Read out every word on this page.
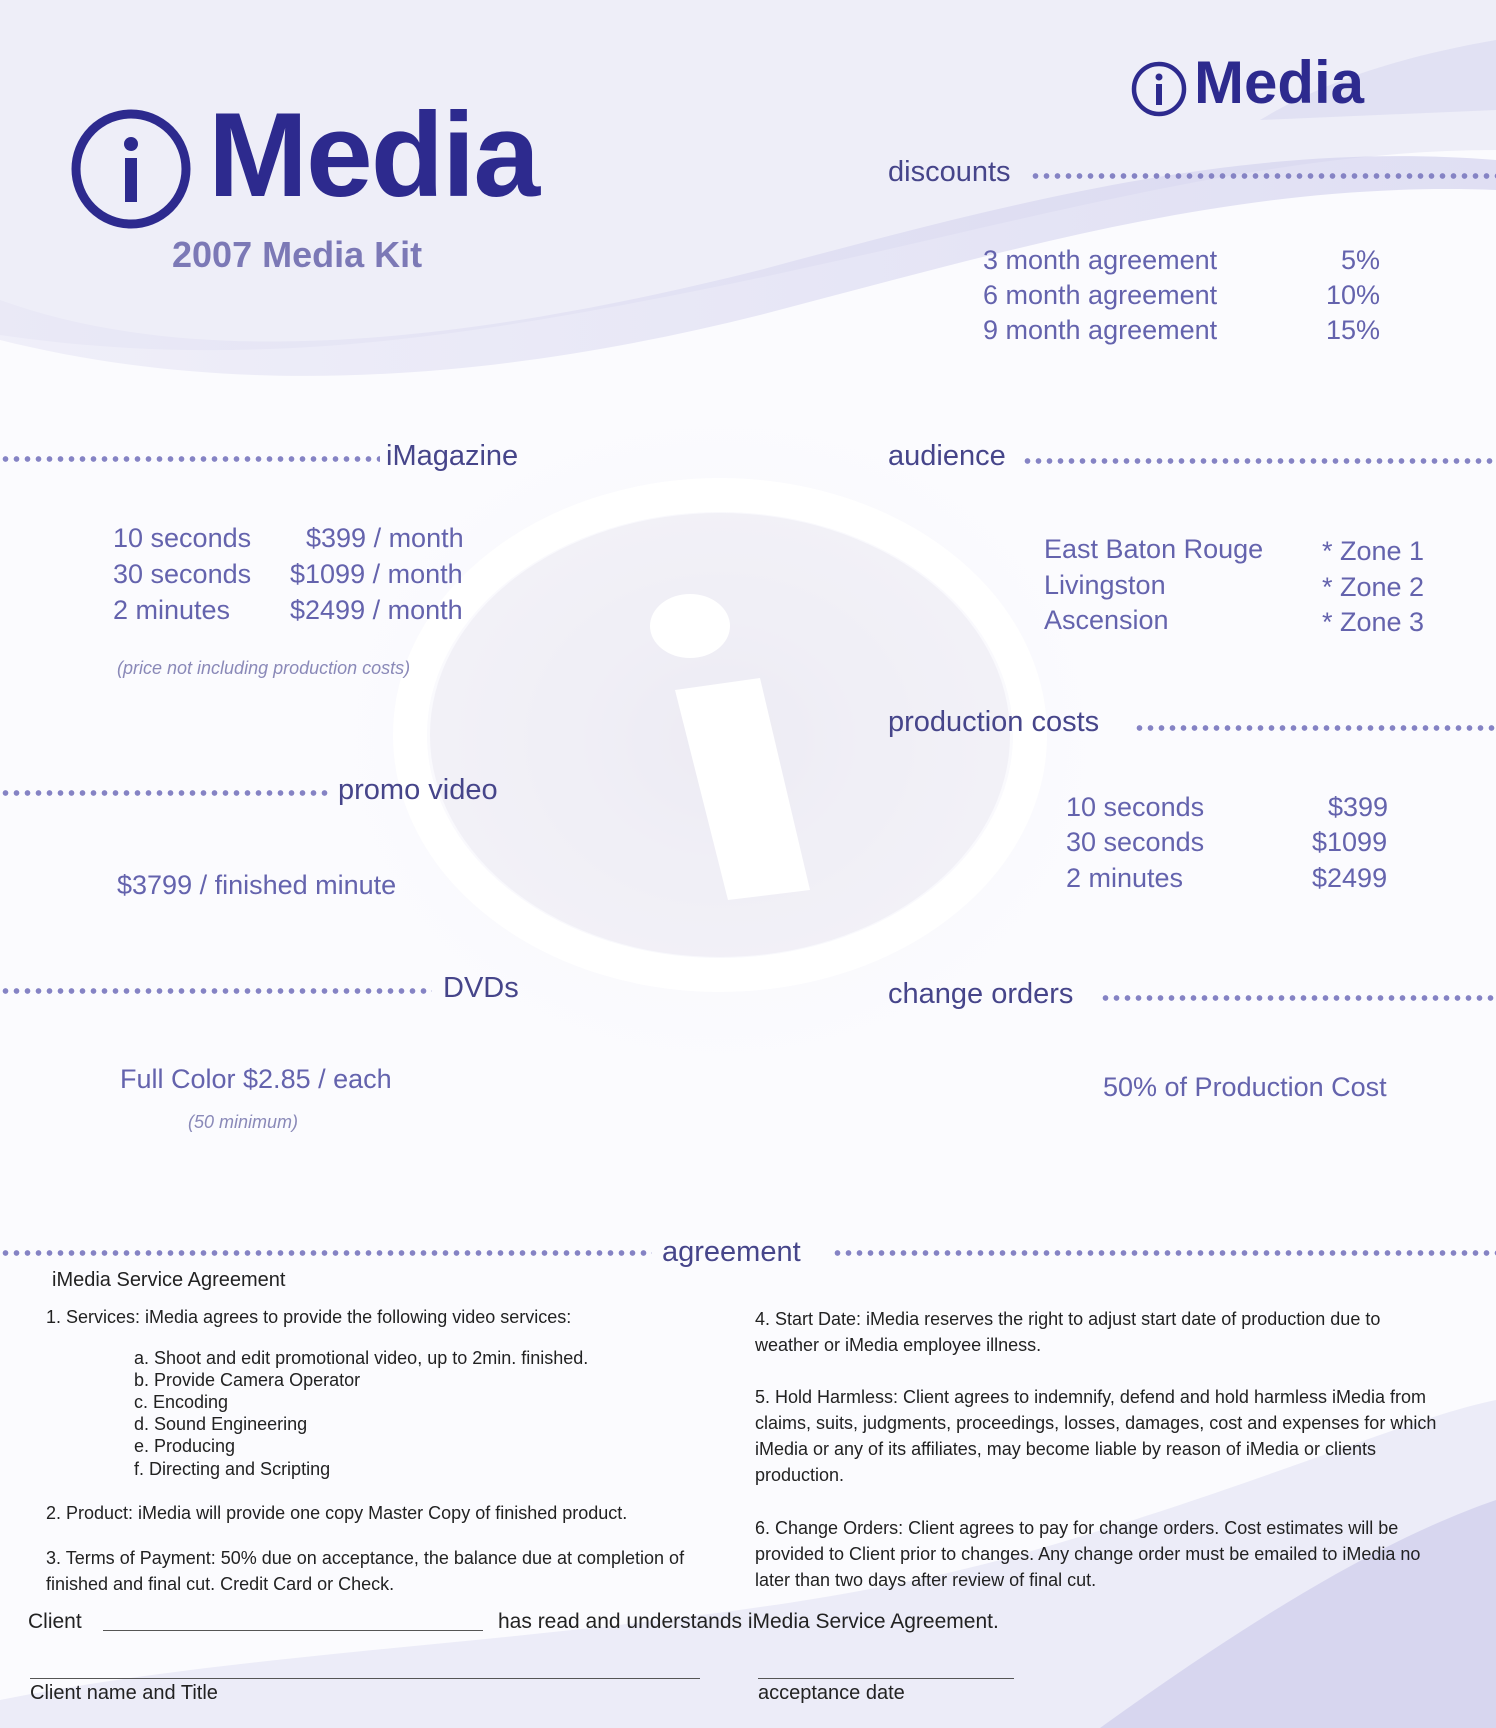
Media
2007 Media Kit
Media
discounts
3 month agreement	5%
6 month agreement	10%
9 month agreement	15%
iMagazine
10 seconds $399 / month
30 seconds $1099 / month
2 minutes $2499 / month
(price not including production costs)
audience
East Baton Rouge * Zone 1
Livingston	* Zone 2
Ascension	* Zone 3
production costs
10 seconds	$399
30 seconds	$1099
2 minutes	$2499
promo video
$3799 / finished minute
DVDs
Full Color $2.85 / each
(50 minimum)
change orders
50% of Production Cost
agreement
iMedia Service Agreement
1. Services: iMedia agrees to provide the following video services:
a. Shoot and edit promotional video, up to 2min. finished.
b. Provide Camera Operator
c. Encoding
d. Sound Engineering
e. Producing
f. Directing and Scripting
2. Product: iMedia will provide one copy Master Copy of finished product.
3. Terms of Payment: 50% due on acceptance, the balance due at completion of finished and final cut. Credit Card or Check.
4. Start Date: iMedia reserves the right to adjust start date of production due to weather or iMedia employee illness.
5. Hold Harmless: Client agrees to indemnify, defend and hold harmless iMedia from claims, suits, judgments, proceedings, losses, damages, cost and expenses for which iMedia or any of its affiliates, may become liable by reason of iMedia or clients production.
6. Change Orders: Client agrees to pay for change orders. Cost estimates will be provided to Client prior to changes. Any change order must be emailed to iMedia no later than two days after review of final cut.
Client	has read and understands iMedia Service Agreement.
Client name and Title	acceptance date
